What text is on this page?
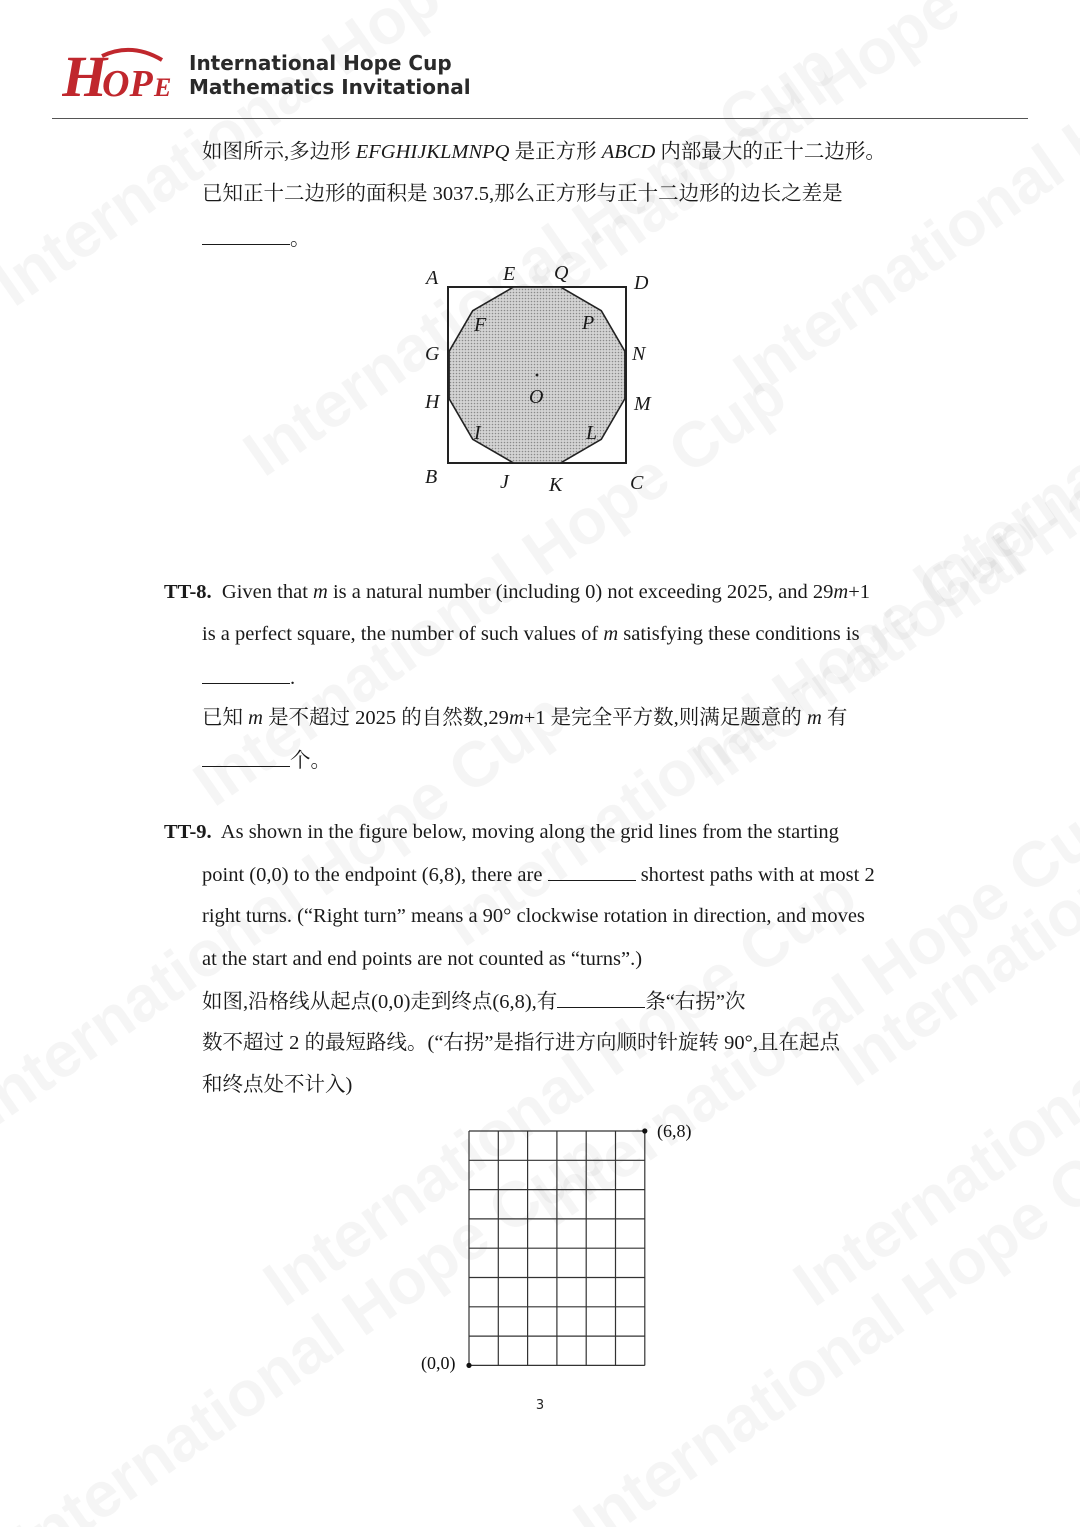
H
OP E
International Hope Cup
Mathematics Invitational
如图所示,多边形 EFGHIJKLMNPQ 是正方形 ABCD 内部最大的正十二边形。
已知正十二边形的面积是 3037.5,那么正方形与正十二边形的边长之差是
。
A	E Q	D
F	P
G	N
O
H	M
I	L
B	J K	C
TT-8. Given that m is a natural number (including 0) not exceeding 2025, and 29m+1
is a perfect square, the number of such values of m satisfying these conditions is
.
已知 m 是不超过 2025 的自然数,29m+1 是完全平方数,则满足题意的 m 有
个。
TT-9. As shown in the figure below, moving along the grid lines from the starting
point (0,0) to the endpoint (6,8), there are	shortest paths with at most 2
right turns. (“Right turn” means a 90° clockwise rotation in direction, and moves
at the start and end points are not counted as “turns”.)
如图,沿格线从起点(0,0)走到终点(6,8),有	条“右拐”次
数不超过 2 的最短路线。(“右拐”是指行进方向顺时针旋转 90°,且在起点
和终点处不计入)
(0,0)
(6,8)
3
